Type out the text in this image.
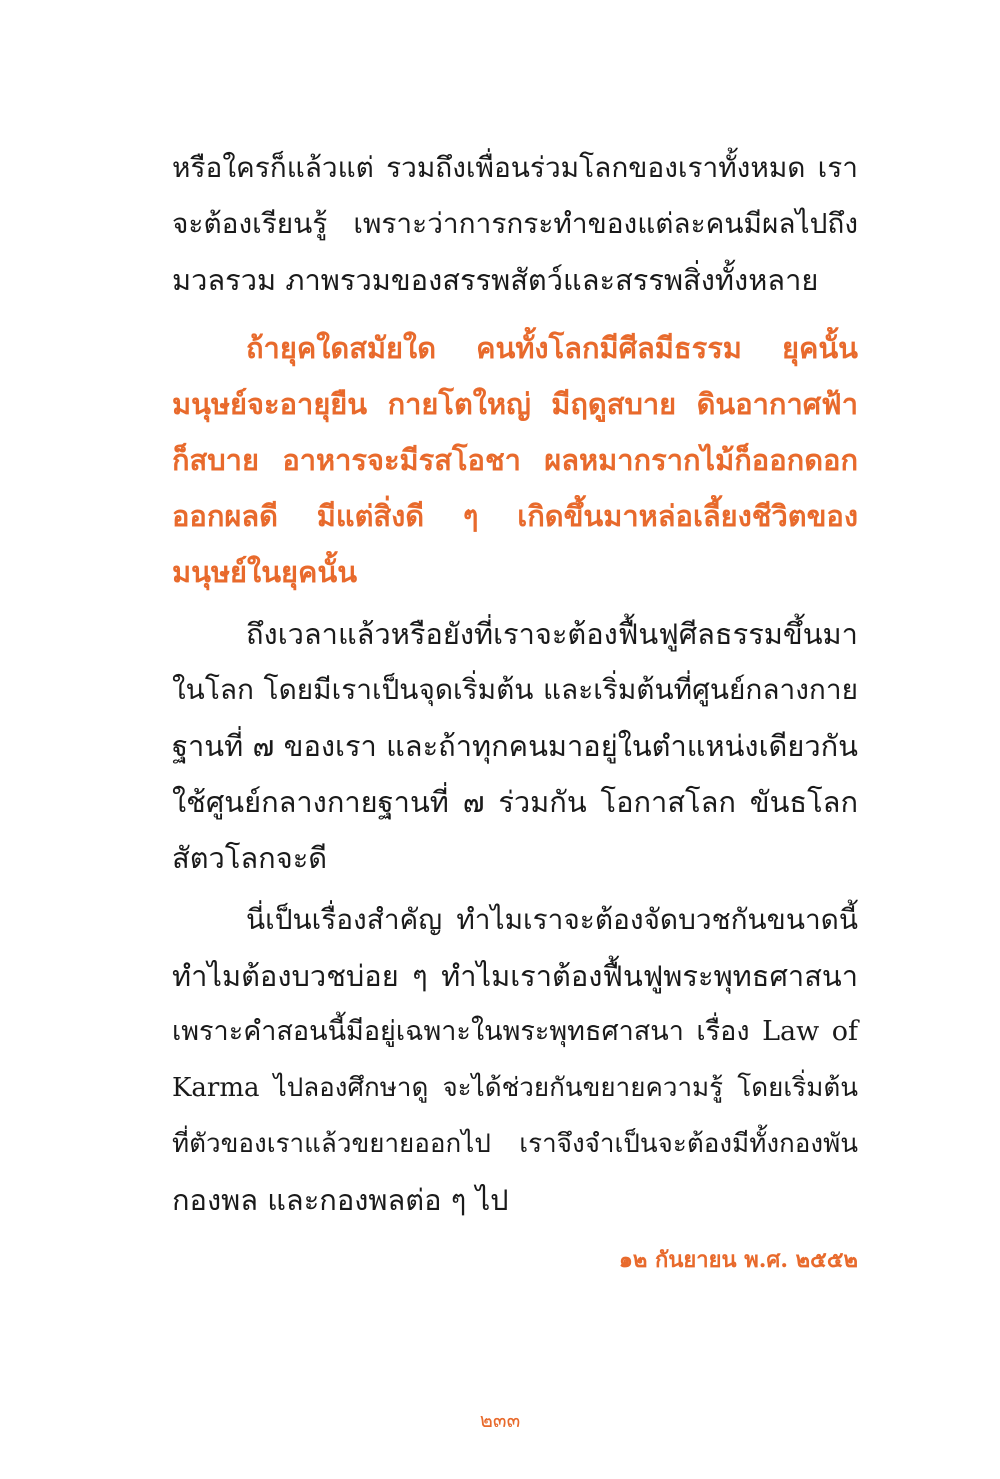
หรือใครก็แล้วแต่ รวมถึงเพื่อนร่วมโลกของเราทั้งหมด เรา
จะต้องเรียนรู้ เพราะว่าการกระทำของแต่ละคนมีผลไปถึง
มวลรวม ภาพรวมของสรรพสัตว์และสรรพสิ่งทั้งหลาย
ถ้ายุคใดสมัยใด คนทั้งโลกมีศีลมีธรรม ยุคนั้น
มนุษย์จะอายุยืน กายโตใหญ่ มีฤดูสบาย ดินอากาศฟ้า
ก็สบาย อาหารจะมีรสโอชา ผลหมากรากไม้ก็ออกดอก
ออกผลดี มีแต่สิ่งดี ๆ เกิดขึ้นมาหล่อเลี้ยงชีวิตของ
มนุษย์ในยุคนั้น
ถึงเวลาแล้วหรือยังที่เราจะต้องฟื้นฟูศีลธรรมขึ้นมา
ในโลก โดยมีเราเป็นจุดเริ่มต้น และเริ่มต้นที่ศูนย์กลางกาย
ฐานที่ ๗ ของเรา และถ้าทุกคนมาอยู่ในตำแหน่งเดียวกัน
ใช้ศูนย์กลางกายฐานที่ ๗ ร่วมกัน โอกาสโลก ขันธโลก
สัตวโลกจะดี
นี่เป็นเรื่องสำคัญ ทำไมเราจะต้องจัดบวชกันขนาดนี้
ทำไมต้องบวชบ่อย ๆ ทำไมเราต้องฟื้นฟูพระพุทธศาสนา
เพราะคำสอนนี้มีอยู่เฉพาะในพระพุทธศาสนา เรื่อง Law of
Karma ไปลองศึกษาดู จะได้ช่วยกันขยายความรู้ โดยเริ่มต้น
ที่ตัวของเราแล้วขยายออกไป เราจึงจำเป็นจะต้องมีทั้งกองพัน
กองพล และกองพลต่อ ๆ ไป
๑๒ กันยายน พ.ศ. ๒๕๕๒
๒๓๓
